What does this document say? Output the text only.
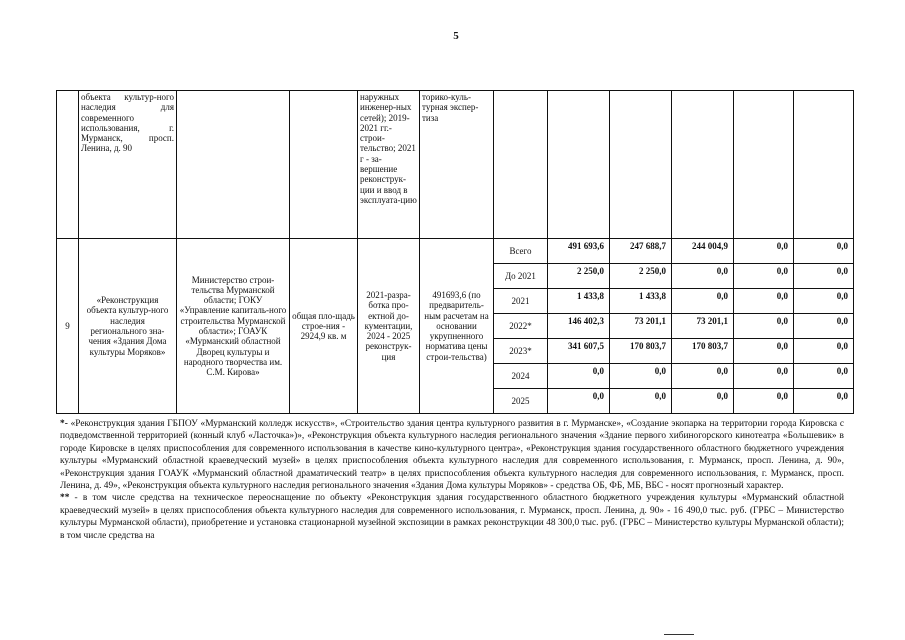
5
	объекта культур-ного наследия для современного использования, г. Мурманск, просп. Ленина, д. 90			наружных инженер-ных сетей); 2019-2021 гг.- строи-тельство; 2021 г - за-вершение реконструк-ции и ввод в эксплуата-цию	торико-куль-турная экспер-тиза						
9	«Реконструкция объекта культур-ного наследия регионального зна-чения «Здания Дома культуры Моряков»	Министерство строи-тельства Мурманской области; ГОКУ «Управление капиталь-ного строительства Мурманской области»; ГОАУК «Мурманский областной Дворец культуры и народного творчества им. С.М. Кирова»	общая пло-щадь строе-ния - 2924,9 кв. м	2021-разра-ботка про-ектной до-кументации, 2024 - 2025 реконструк-ция	491693,6 (по предваритель-ным расчетам на основании укрупненного норматива цены строи-тельства)	Всего	491 693,6	247 688,7	244 004,9	0,0	0,0
						До 2021	2 250,0	2 250,0	0,0	0,0	0,0
						2021	1 433,8	1 433,8	0,0	0,0	0,0
						2022*	146 402,3	73 201,1	73 201,1	0,0	0,0
						2023*	341 607,5	170 803,7	170 803,7	0,0	0,0
						2024	0,0	0,0	0,0	0,0	0,0
						2025	0,0	0,0	0,0	0,0	0,0

*- «Реконструкция здания ГБПОУ «Мурманский колледж искусств», «Строительство здания центра культурного развития в г. Мурманске», «Создание экопарка на территории города Кировска с подведомственной территорией (конный клуб «Ласточка»)», «Реконструкция объекта культурного наследия регионального значения «Здание первого хибиногорского кинотеатра «Большевик» в городе Кировске в целях приспособления для современного использования в качестве кино-культурного центра», «Реконструкция здания государственного областного бюджетного учреждения культуры «Мурманский областной краеведческий музей» в целях приспособления объекта культурного наследия для современного использования, г. Мурманск, просп. Ленина, д. 90», «Реконструкция здания ГОАУК «Мурманский областной драматический театр» в целях приспособления объекта культурного наследия для современного использования, г. Мурманск, просп. Ленина, д. 49», «Реконструкция объекта культурного наследия регионального значения «Здания Дома культуры Моряков» - средства ОБ, ФБ, МБ, ВБС - носят прогнозный характер.

** - в том числе средства на техническое переоснащение по объекту «Реконструкция здания государственного областного бюджетного учреждения культуры «Мурманский областной краеведческий музей» в целях приспособления объекта культурного наследия для современного использования, г. Мурманск, просп. Ленина, д. 90» - 16 490,0 тыс. руб. (ГРБС – Министерство культуры Мурманской области), приобретение и установка стационарной музейной экспозиции в рамках реконструкции 48 300,0 тыс. руб. (ГРБС – Министерство культуры Мурманской области); в том числе средства на
